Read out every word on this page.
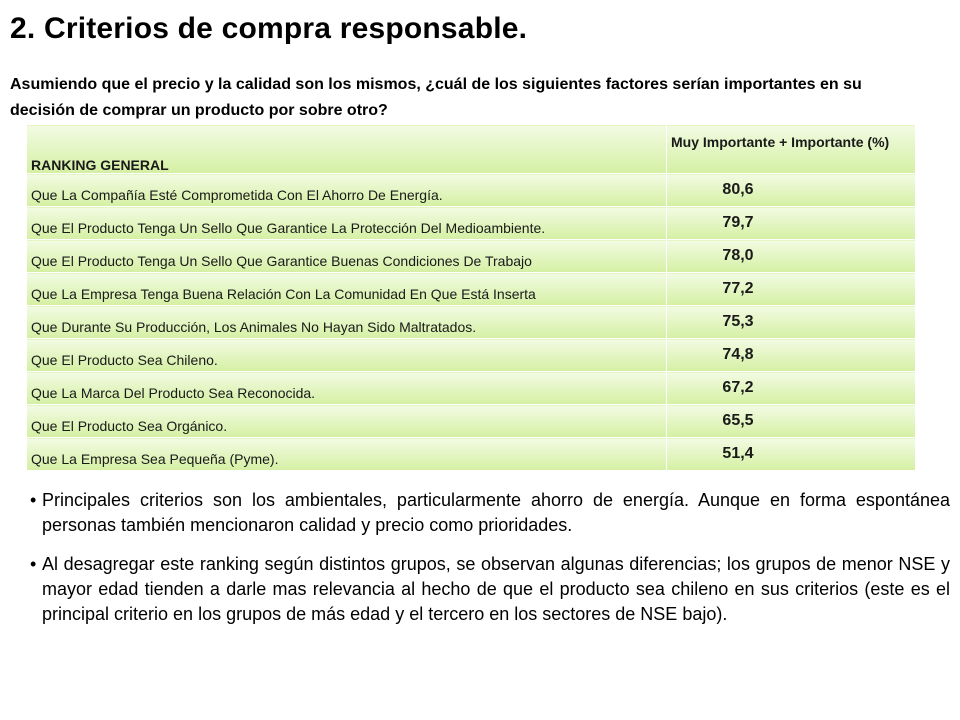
2. Criterios de compra responsable.

Asumiendo que el precio y la calidad son los mismos, ¿cuál de los siguientes factores serían importantes en su decisión de comprar un producto por sobre otro?

RANKING GENERAL	Muy Importante + Importante (%)
Que La Compañía Esté Comprometida Con El Ahorro De Energía.	80,6
Que El Producto Tenga Un Sello Que Garantice La Protección Del Medioambiente.	79,7
Que El Producto Tenga Un Sello Que Garantice Buenas Condiciones De Trabajo	78,0
Que La Empresa Tenga Buena Relación Con La Comunidad En Que Está Inserta	77,2
Que Durante Su Producción, Los Animales No Hayan Sido Maltratados.	75,3
Que El Producto Sea Chileno.	74,8
Que La Marca Del Producto Sea Reconocida.	67,2
Que El Producto Sea Orgánico.	65,5
Que La Empresa Sea Pequeña (Pyme).	51,4
• Principales criterios son los ambientales, particularmente ahorro de energía. Aunque en forma espontánea personas también mencionaron calidad y precio como prioridades.
• Al desagregar este ranking según distintos grupos, se observan algunas diferencias; los grupos de menor NSE y mayor edad tienden a darle mas relevancia al hecho de que el producto sea chileno en sus criterios (este es el principal criterio en los grupos de más edad y el tercero en los sectores de NSE bajo).
